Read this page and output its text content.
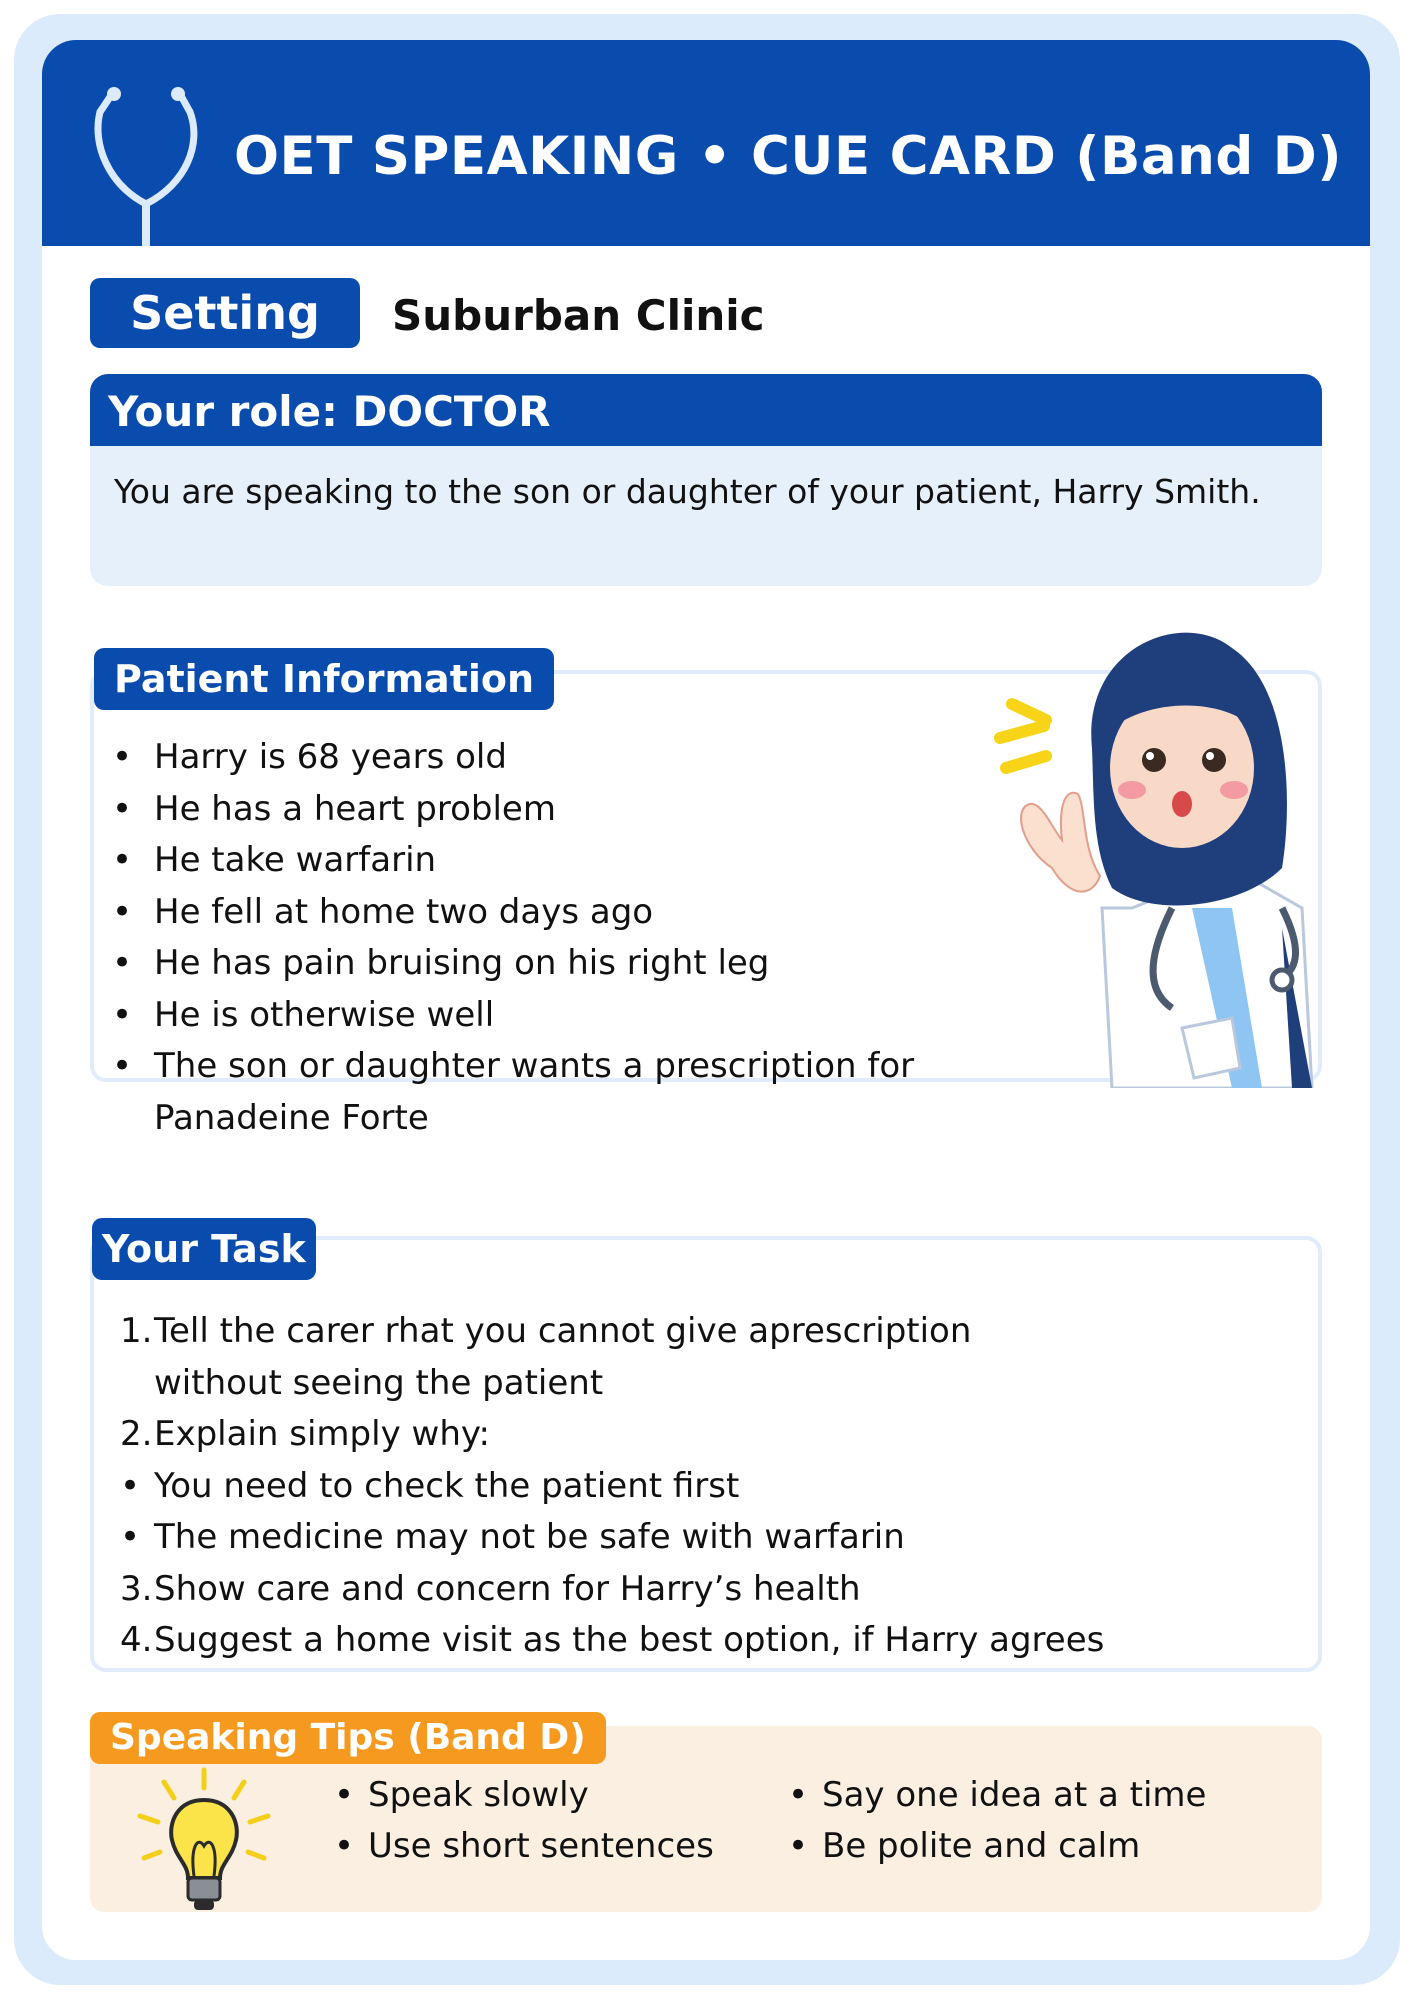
OET SPEAKING • CUE CARD (Band D)
Setting	Suburban Clinic
Your role: DOCTOR
You are speaking to the son or daughter of your patient, Harry Smith.
Patient Information
• Harry is 68 years old
• He has a heart problem
• He take warfarin
• He fell at home two days ago
• He has pain bruising on his right leg
• He is otherwise well
• The son or daughter wants a prescription for Panadeine Forte
Your Task
1. Tell the carer rhat you cannot give aprescription without seeing the patient
2. Explain simply why:
• You need to check the patient first
• The medicine may not be safe with warfarin
3. Show care and concern for Harry’s health
4. Suggest a home visit as the best option, if Harry agrees
Speaking Tips (Band D)
• Speak slowly
• Use short sentences
• Say one idea at a time
• Be polite and calm
